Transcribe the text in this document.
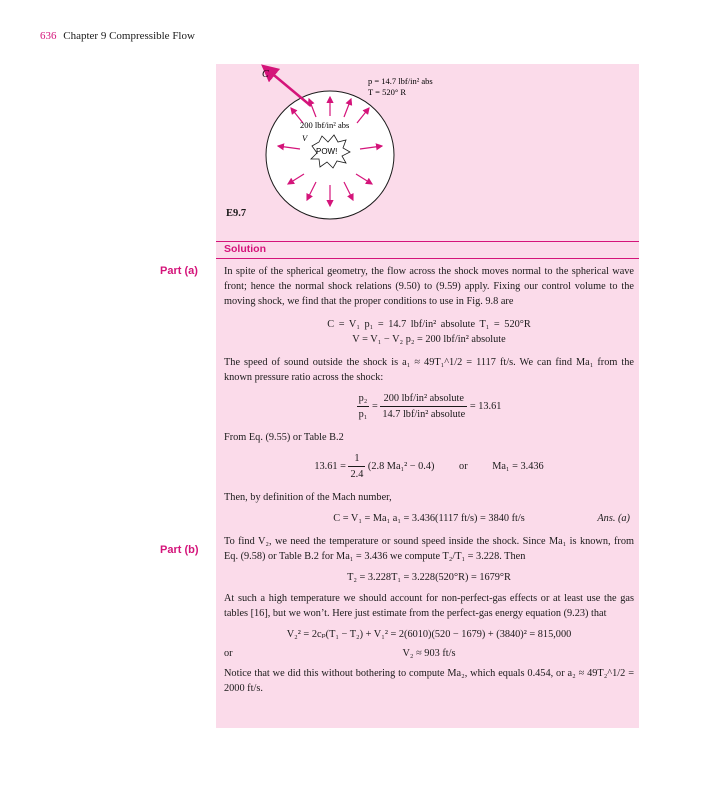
636 Chapter 9 Compressible Flow
C
p = 14.7 lbf/in² abs
T = 520° R
200 lbf/in² abs
V
POW!
E9.7
Solution

In spite of the spherical geometry, the flow across the shock moves normal to the spherical wave front; hence the normal shock relations (9.50) to (9.59) apply. Fixing our control volume to the moving shock, we find that the proper conditions to use in Fig. 9.8 are

C = V₁ p₁ = 14.7 lbf/in² absolute T₁ = 520°R

V = V₁ − V₂ p₂ = 200 lbf/in² absolute

The speed of sound outside the shock is a₁ ≈ 49T₁^1/2 = 1117 ft/s. We can find Ma₁ from the known pressure ratio across the shock:

$\frac{\text{p₂}}{\text{p₁}} = \frac{\text{200 lbf/in² absolute}}{\text{14.7 lbf/in² absolute}} = 13.61$

From Eq. (9.55) or Table B.2

$13.61 = \frac{1}{2.4} (2.8$ Ma₁² − 0.4) or Ma₁ = 3.436

Then, by definition of the Mach number,

C = V₁ = Ma₁ a₁ = 3.436(1117 ft/s) = 3840 ft/s	Ans. (a)

To find V₂, we need the temperature or sound speed inside the shock. Since Ma₁ is known, from Eq. (9.58) or Table B.2 for Ma₁ = 3.436 we compute T₂/T₁ = 3.228. Then

T₂ = 3.228T₁ = 3.228(520°R) = 1679°R

At such a high temperature we should account for non-perfect-gas effects or at least use the gas tables [16], but we won’t. Here just estimate from the perfect-gas energy equation (9.23) that

V₂² = 2cₚ(T₁ − T₂) + V₁² = 2(6010)(520 − 1679) + (3840)² = 815,000

or	V₂ ≈ 903 ft/s

Notice that we did this without bothering to compute Ma₂, which equals 0.454, or a₂ ≈ 49T₂^1/2 = 2000 ft/s.

Part (a)
Part (b)
